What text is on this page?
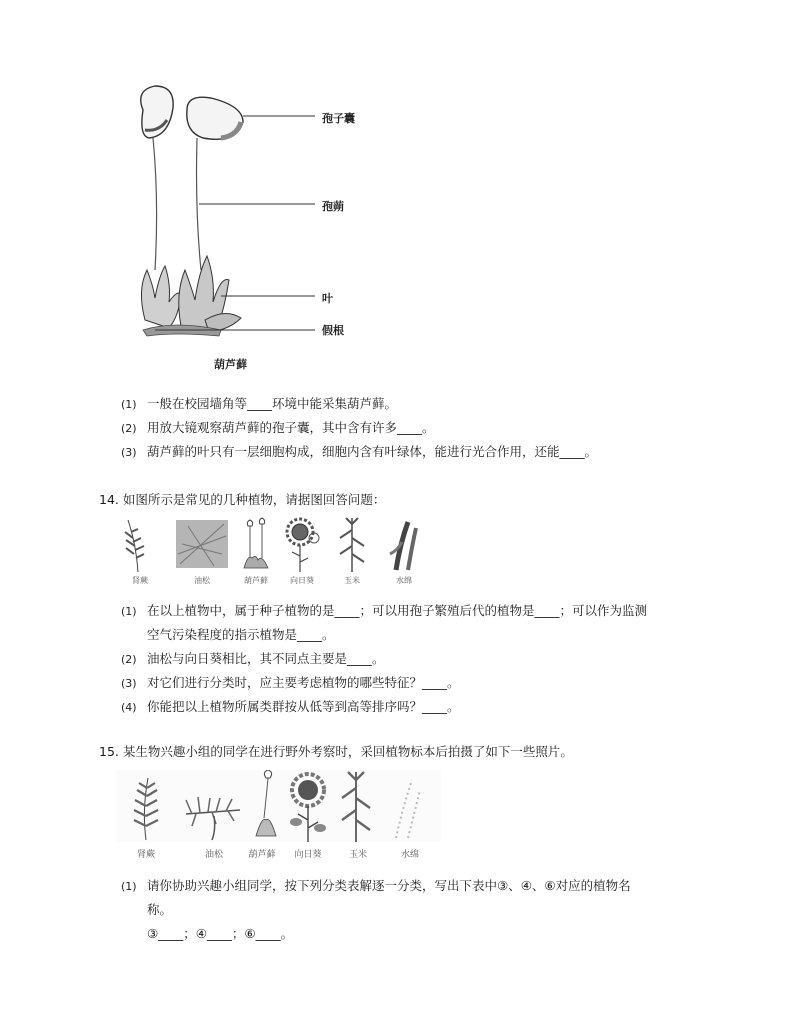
孢子囊
孢蒴
叶
假根
葫芦藓
(1) 一般在校园墙角等____环境中能采集葫芦藓。
(2) 用放大镜观察葫芦藓的孢子囊，其中含有许多____。
(3) 葫芦藓的叶只有一层细胞构成，细胞内含有叶绿体，能进行光合作用，还能____。
14. 如图所示是常见的几种植物，请据图回答问题：
肾蕨	油松	葫芦藓	向日葵	玉米	水绵
(1) 在以上植物中，属于种子植物的是____；可以用孢子繁殖后代的植物是____；可以作为监测
空气污染程度的指示植物是____。
(2) 油松与向日葵相比，其不同点主要是____。
(3) 对它们进行分类时，应主要考虑植物的哪些特征？____。
(4) 你能把以上植物所属类群按从低等到高等排序吗？____。
15. 某生物兴趣小组的同学在进行野外考察时，采回植物标本后拍摄了如下一些照片。
肾蕨	油松	葫芦藓	向日葵	玉米	水绵
(1) 请你协助兴趣小组同学，按下列分类表解逐一分类，写出下表中③、④、⑥对应的植物名
称。
③____；④____；⑥____。
